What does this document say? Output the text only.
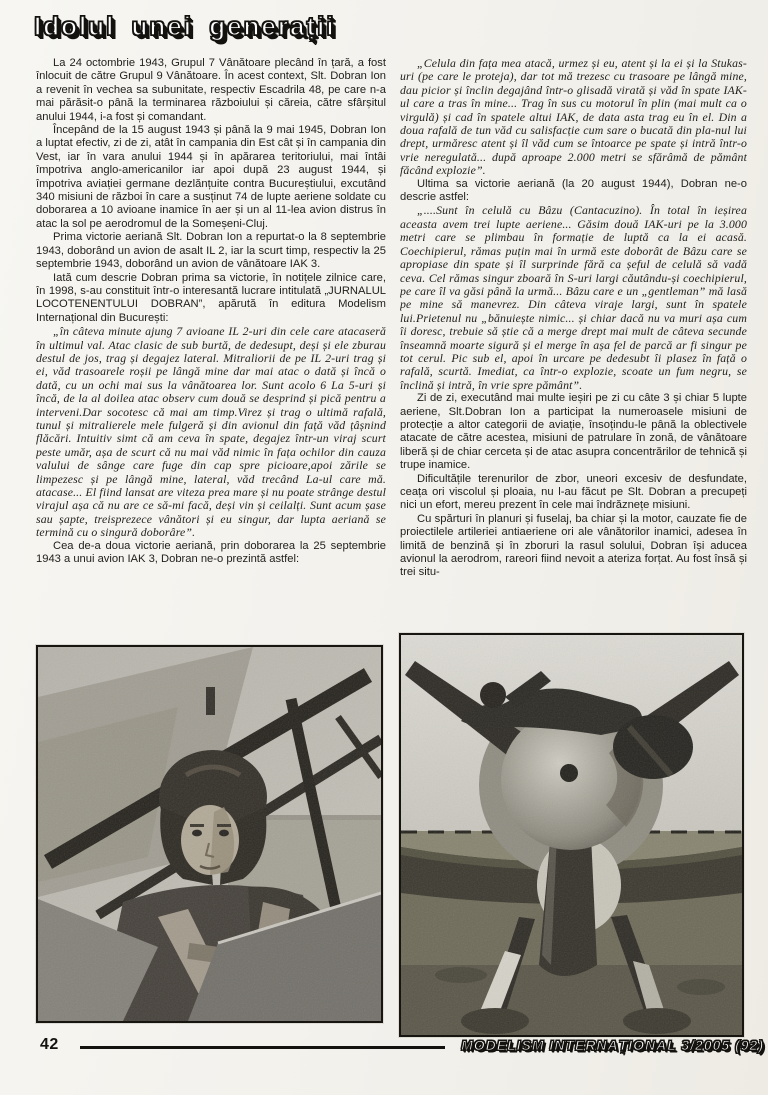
Idolul unei generații

La 24 octombrie 1943, Grupul 7 Vânătoare plecând în țară, a fost înlocuit de către Grupul 9 Vânătoare. În acest context, Slt. Dobran Ion a revenit în vechea sa subunitate, respectiv Escadrila 48, pe care n-a mai părăsit-o până la terminarea războiului și căreia, către sfârșitul anului 1944, i-a fost și comandant.

Începând de la 15 august 1943 și până la 9 mai 1945, Dobran Ion a luptat efectiv, zi de zi, atât în campania din Est cât și în campania din Vest, iar în vara anului 1944 și în apărarea teritoriului, mai întâi împotriva anglo-americanilor iar apoi după 23 august 1944, și împotriva aviației germane dezlănțuite contra Bucureștiului, excutând 340 misiuni de război în care a susținut 74 de lupte aeriene soldate cu doborarea a 10 avioane inamice în aer și un al 11-lea avion distrus în atac la sol pe aerodromul de la Someșeni-Cluj.

Prima victorie aeriană Slt. Dobran Ion a repurtat-o la 8 septembrie 1943, doborând un avion de asalt IL 2, iar la scurt timp, respectiv la 25 septembrie 1943, doborând un avion de vânătoare IAK 3.

Iată cum descrie Dobran prima sa victorie, în notițele zilnice care, în 1998, s-au constituit într-o interesantă lucrare intitulată „JURNALUL LOCOTENENTULUI DOBRAN”, apărută în editura Modelism Internațional din București:

„în câteva minute ajung 7 avioane IL 2-uri din cele care atacaseră în ultimul val. Atac clasic de sub burtă, de dedesupt, deși și ele zburau destul de jos, trag și degajez lateral. Mitraliorii de pe IL 2-uri trag și ei, văd trasoarele roșii pe lângă mine dar mai atac o dată și încă o dată, cu un ochi mai sus la vânătoarea lor. Sunt acolo 6 La 5-uri și încă, de la al doilea atac observ cum două se desprind și pică pentru a interveni.Dar socotesc că mai am timp.Virez și trag o ultimă rafală, tunul și mitralierele mele fulgeră și din avionul din față văd țâșnind flăcări. Intuitiv simt că am ceva în spate, degajez într-un viraj scurt peste umăr, așa de scurt că nu mai văd nimic în fața ochilor din cauza valului de sânge care fuge din cap spre picioare,apoi zările se limpezesc și pe lângă mine, lateral, văd trecând La-ul care mă. atacase... El fiind lansat are viteza prea mare și nu poate strânge destul virajul așa că nu are ce să-mi facă, deși vin și ceilalți. Sunt acum șase sau șapte, treisprezece vânători și eu singur, dar lupta aeriană se termină cu o singură doborâre”.

Cea de-a doua victorie aeriană, prin doborarea la 25 septembrie 1943 a unui avion IAK 3, Dobran ne-o prezintă astfel:

„Celula din fața mea atacă, urmez și eu, atent și la ei și la Stukas-uri (pe care le proteja), dar tot mă trezesc cu trasoare pe lângă mine, dau picior și înclin degajând într-o glisadă virată și văd în spate IAK-ul care a tras în mine... Trag în sus cu motorul în plin (mai mult ca o virgulă) și cad în spatele altui IAK, de data asta trag eu în el. Din a doua rafală de tun văd cu salisfacție cum sare o bucată din pla-nul lui drept, urmăresc atent și îl văd cum se întoarce pe spate și intră într-o vrie neregulată... după aproape 2.000 metri se sfărâmă de pământ făcând explozie”.

Ultima sa victorie aeriană (la 20 august 1944), Dobran ne-o descrie astfel:

„....Sunt în celulă cu Bâzu (Cantacuzino). În total în ieșirea aceasta avem trei lupte aeriene... Găsim două IAK-uri pe la 3.000 metri care se plimbau în formație de luptă ca la ei acasă. Coechipierul, rămas puțin mai în urmă este doborât de Bâzu care se apropiase din spate și îl surprinde fără ca șeful de celulă să vadă ceva. Cel rămas singur zboară în S-uri largi căutându-și coechipierul, pe care îl va găsi până la urmă... Bâzu care e un „gentleman” mă lasă pe mine să manevrez. Din câteva viraje largi, sunt în spatele lui.Prietenul nu „bănuiește nimic... și chiar dacă nu va muri așa cum îi doresc, trebuie să știe că a merge drept mai mult de câteva secunde înseamnă moarte sigură și el merge în așa fel de parcă ar fi singur pe tot cerul. Pic sub el, apoi în urcare pe dedesubt îi plasez în față o rafală, scurtă. Imediat, ca într-o explozie, scoate un fum negru, se înclină și intră, în vrie spre pământ”.

Zi de zi, executând mai multe ieșiri pe zi cu câte 3 și chiar 5 lupte aeriene, Slt.Dobran Ion a participat la numeroasele misiuni de protecție a altor categorii de aviație, însoțindu-le până la oblectivele atacate de către acestea, misiuni de patrulare în zonă, de vânătoare liberă și de chiar cerceta și de atac asupra concentrărilor de tehnică și trupe inamice.

Dificultățile terenurilor de zbor, uneori excesiv de desfundate, ceața ori viscolul și ploaia, nu l-au făcut pe Slt. Dobran a precupeți nici un efort, mereu prezent în cele mai îndrăznețe misiuni.

Cu spărturi în planuri și fuselaj, ba chiar și la motor, cauzate fie de proiectilele artileriei antiaeriene ori ale vânătorilor inamici, adesea în limită de benzină și în zboruri la rasul solului, Dobran își aducea avionul la aerodrom, rareori fiind nevoit a ateriza forțat. Au fost însă și trei situ-

42	MODELISM INTERNAȚIONAL 3/2005 (92)
